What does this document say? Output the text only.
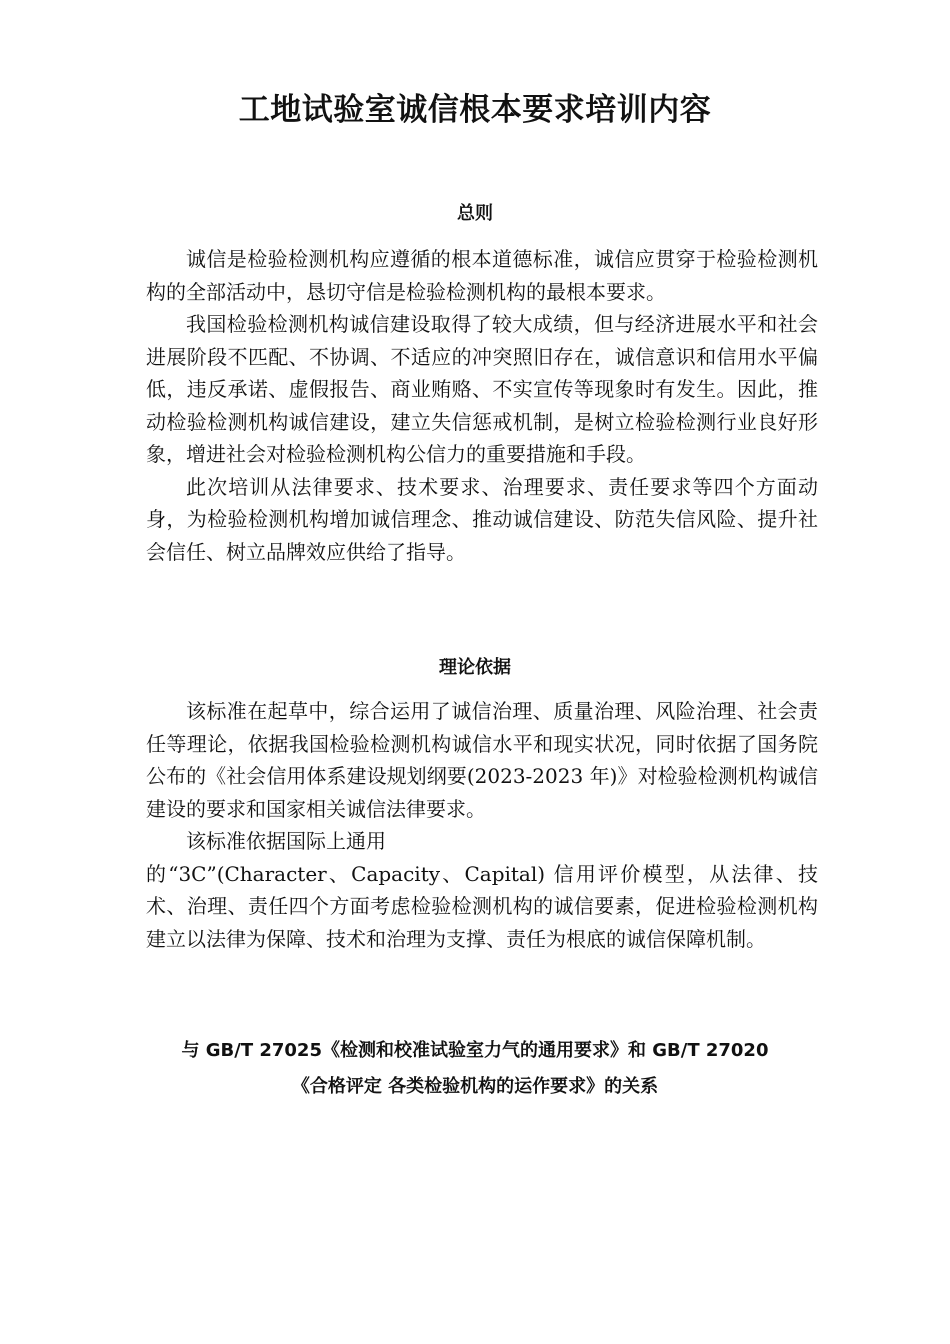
工地试验室诚信根本要求培训内容
总则

诚信是检验检测机构应遵循的根本道德标准，诚信应贯穿于检验检测机构的全部活动中，恳切守信是检验检测机构的最根本要求。

我国检验检测机构诚信建设取得了较大成绩，但与经济进展水平和社会进展阶段不匹配、不协调、不适应的冲突照旧存在，诚信意识和信用水平偏低，违反承诺、虚假报告、商业贿赂、不实宣传等现象时有发生。因此，推动检验检测机构诚信建设，建立失信惩戒机制，是树立检验检测行业良好形象，增进社会对检验检测机构公信力的重要措施和手段。

此次培训从法律要求、技术要求、治理要求、责任要求等四个方面动身，为检验检测机构增加诚信理念、推动诚信建设、防范失信风险、提升社会信任、树立品牌效应供给了指导。

理论依据

该标准在起草中，综合运用了诚信治理、质量治理、风险治理、社会责任等理论，依据我国检验检测机构诚信水平和现实状况，同时依据了国务院公布的《社会信用体系建设规划纲要(2023-2023 年)》对检验检测机构诚信建设的要求和国家相关诚信法律要求。

该标准依据国际上通用

的“3C”(Character、Capacity、Capital) 信用评价模型，从法律、技术、治理、责任四个方面考虑检验检测机构的诚信要素，促进检验检测机构建立以法律为保障、技术和治理为支撑、责任为根底的诚信保障机制。

与 GB/T 27025《检测和校准试验室力气的通用要求》和 GB/T 27020
《合格评定 各类检验机构的运作要求》的关系
